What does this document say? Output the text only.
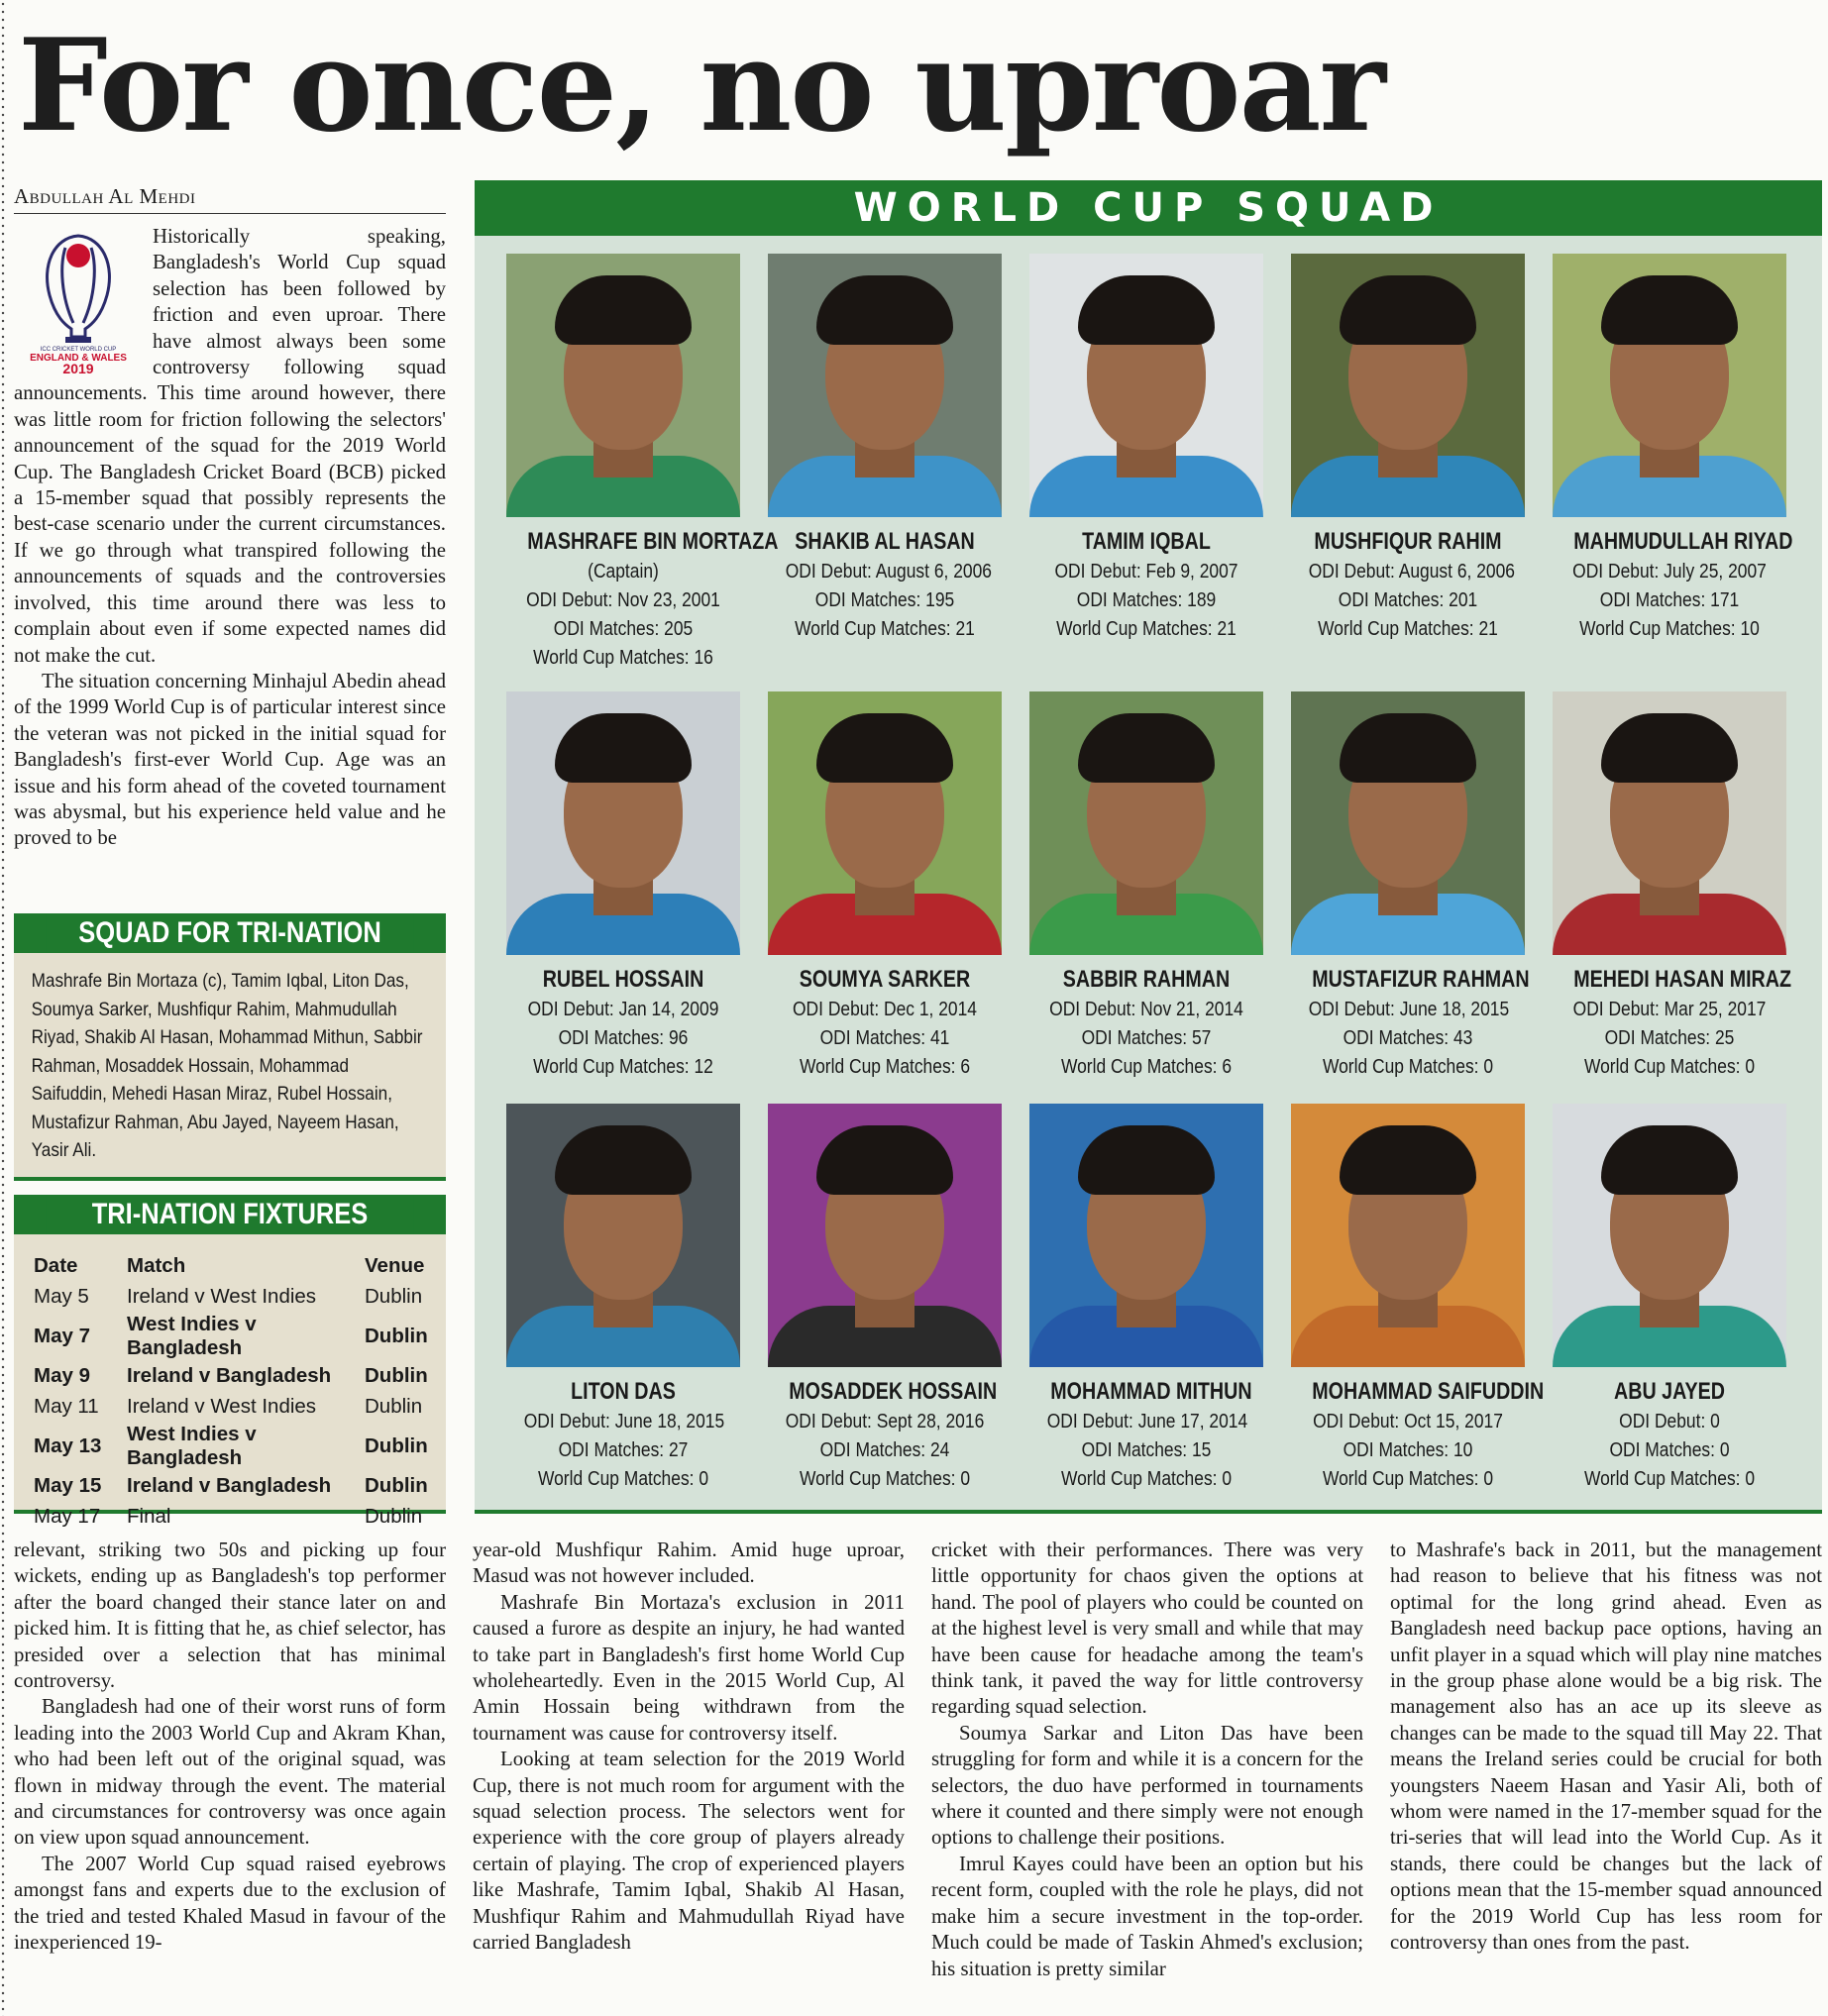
For once, no uproar
Abdullah Al Mehdi

Historically speaking, Bangladesh's World Cup squad selection has been followed by friction and even uproar. There have almost always been some controversy following squad announcements. This time around however, there was little room for friction following the selectors' announcement of the squad for the 2019 World Cup. The Bangladesh Cricket Board (BCB) picked a 15-member squad that possibly represents the best-case scenario under the current circumstances. If we go through what transpired following the announcements of squads and the controversies involved, this time around there was less to complain about even if some expected names did not make the cut.

The situation concerning Minhajul Abedin ahead of the 1999 World Cup is of particular interest since the veteran was not picked in the initial squad for Bangladesh's first-ever World Cup. Age was an issue and his form ahead of the coveted tournament was abysmal, but his experience held value and he proved to be

ICC CRICKET WORLD CUP
ENGLAND & WALES
2019
SQUAD FOR TRI-NATION
Mashrafe Bin Mortaza (c), Tamim Iqbal, Liton Das, Soumya Sarker, Mushfiqur Rahim, Mahmudullah Riyad, Shakib Al Hasan, Mohammad Mithun, Sabbir Rahman, Mosaddek Hossain, Mohammad Saifuddin, Mehedi Hasan Miraz, Rubel Hossain, Mustafizur Rahman, Abu Jayed, Nayeem Hasan, Yasir Ali.
TRI-NATION FIXTURES
Date	Match	Venue
May 5	Ireland v West Indies	Dublin
May 7	West Indies v Bangladesh	Dublin
May 9	Ireland v Bangladesh	Dublin
May 11	Ireland v West Indies	Dublin
May 13	West Indies v Bangladesh	Dublin
May 15	Ireland v Bangladesh	Dublin
May 17	Final	Dublin
WORLD CUP SQUAD
MASHRAFE BIN MORTAZA
(Captain)
ODI Debut: Nov 23, 2001
ODI Matches: 205
World Cup Matches: 16
SHAKIB AL HASAN
ODI Debut: August 6, 2006
ODI Matches: 195
World Cup Matches: 21
TAMIM IQBAL
ODI Debut: Feb 9, 2007
ODI Matches: 189
World Cup Matches: 21
MUSHFIQUR RAHIM
ODI Debut: August 6, 2006
ODI Matches: 201
World Cup Matches: 21
MAHMUDULLAH RIYAD
ODI Debut: July 25, 2007
ODI Matches: 171
World Cup Matches: 10
RUBEL HOSSAIN
ODI Debut: Jan 14, 2009
ODI Matches: 96
World Cup Matches: 12
SOUMYA SARKER
ODI Debut: Dec 1, 2014
ODI Matches: 41
World Cup Matches: 6
SABBIR RAHMAN
ODI Debut: Nov 21, 2014
ODI Matches: 57
World Cup Matches: 6
MUSTAFIZUR RAHMAN
ODI Debut: June 18, 2015
ODI Matches: 43
World Cup Matches: 0
MEHEDI HASAN MIRAZ
ODI Debut: Mar 25, 2017
ODI Matches: 25
World Cup Matches: 0
LITON DAS
ODI Debut: June 18, 2015
ODI Matches: 27
World Cup Matches: 0
MOSADDEK HOSSAIN
ODI Debut: Sept 28, 2016
ODI Matches: 24
World Cup Matches: 0
MOHAMMAD MITHUN
ODI Debut: June 17, 2014
ODI Matches: 15
World Cup Matches: 0
MOHAMMAD SAIFUDDIN
ODI Debut: Oct 15, 2017
ODI Matches: 10
World Cup Matches: 0
ABU JAYED
ODI Debut: 0
ODI Matches: 0
World Cup Matches: 0

relevant, striking two 50s and picking up four wickets, ending up as Bangladesh's top performer after the board changed their stance later on and picked him. It is fitting that he, as chief selector, has presided over a selection that has minimal controversy.

Bangladesh had one of their worst runs of form leading into the 2003 World Cup and Akram Khan, who had been left out of the original squad, was flown in midway through the event. The material and circumstances for controversy was once again on view upon squad announcement.

The 2007 World Cup squad raised eyebrows amongst fans and experts due to the exclusion of the tried and tested Khaled Masud in favour of the inexperienced 19-

year-old Mushfiqur Rahim. Amid huge uproar, Masud was not however included.

Mashrafe Bin Mortaza's exclusion in 2011 caused a furore as despite an injury, he had wanted to take part in Bangladesh's first home World Cup wholeheartedly. Even in the 2015 World Cup, Al Amin Hossain being withdrawn from the tournament was cause for controversy itself.

Looking at team selection for the 2019 World Cup, there is not much room for argument with the squad selection process. The selectors went for experience with the core group of players already certain of playing. The crop of experienced players like Mashrafe, Tamim Iqbal, Shakib Al Hasan, Mushfiqur Rahim and Mahmudullah Riyad have carried Bangladesh

cricket with their performances. There was very little opportunity for chaos given the options at hand. The pool of players who could be counted on at the highest level is very small and while that may have been cause for headache among the team's think tank, it paved the way for little controversy regarding squad selection.

Soumya Sarkar and Liton Das have been struggling for form and while it is a concern for the selectors, the duo have performed in tournaments where it counted and there simply were not enough options to challenge their positions.

Imrul Kayes could have been an option but his recent form, coupled with the role he plays, did not make him a secure investment in the top-order. Much could be made of Taskin Ahmed's exclusion; his situation is pretty similar

to Mashrafe's back in 2011, but the management had reason to believe that his fitness was not optimal for the long grind ahead. Even as Bangladesh need backup pace options, having an unfit player in a squad which will play nine matches in the group phase alone would be a big risk. The management also has an ace up its sleeve as changes can be made to the squad till May 22. That means the Ireland series could be crucial for both youngsters Naeem Hasan and Yasir Ali, both of whom were named in the 17-member squad for the tri-series that will lead into the World Cup. As it stands, there could be changes but the lack of options mean that the 15-member squad announced for the 2019 World Cup has less room for controversy than ones from the past.
